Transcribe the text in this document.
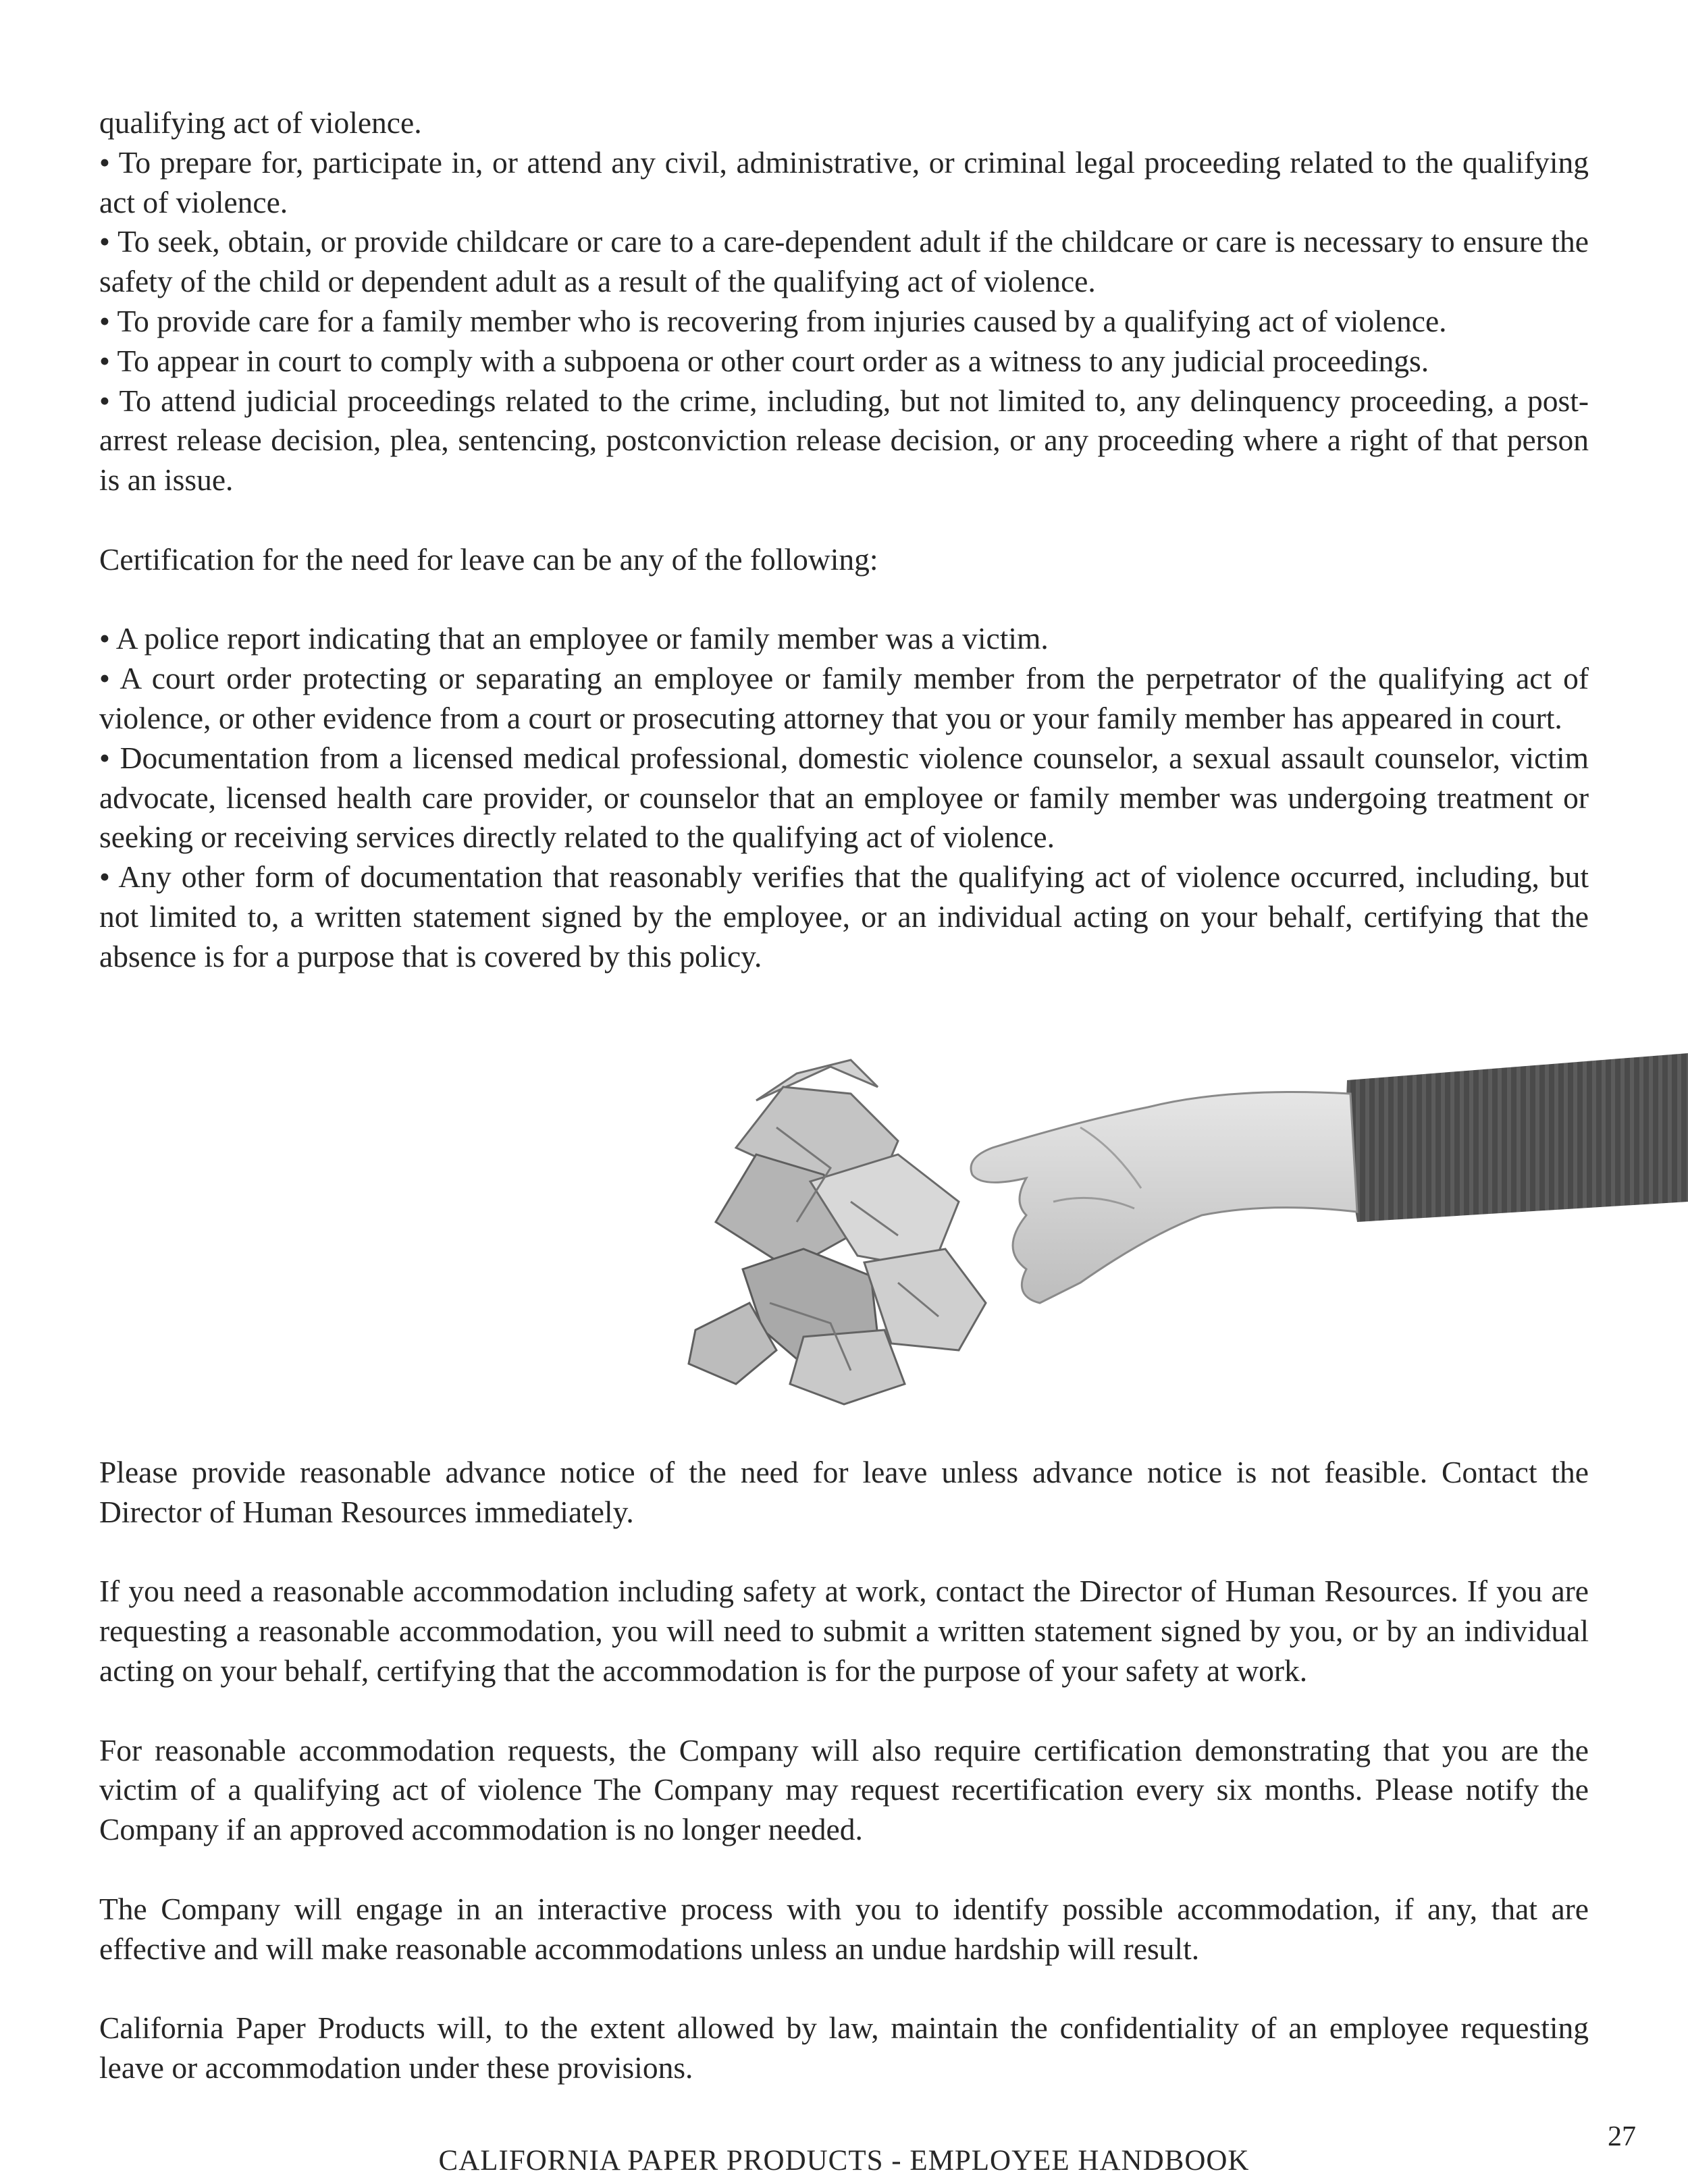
qualifying act of violence.

• To prepare for, participate in, or attend any civil, administrative, or criminal legal proceeding related to the qualifying act of violence.

• To seek, obtain, or provide childcare or care to a care-dependent adult if the childcare or care is necessary to ensure the safety of the child or dependent adult as a result of the qualifying act of violence.

• To provide care for a family member who is recovering from injuries caused by a qualifying act of violence.

• To appear in court to comply with a subpoena or other court order as a witness to any judicial proceedings.

• To attend judicial proceedings related to the crime, including, but not limited to, any delinquency proceeding, a post-arrest release decision, plea, sentencing, postconviction release decision, or any proceeding where a right of that person is an issue.

Certification for the need for leave can be any of the following:

• A police report indicating that an employee or family member was a victim.

• A court order protecting or separating an employee or family member from the perpetrator of the qualifying act of violence, or other evidence from a court or prosecuting attorney that you or your family member has appeared in court.

• Documentation from a licensed medical professional, domestic violence counselor, a sexual assault counselor, victim advocate, licensed health care provider, or counselor that an employee or family member was undergoing treatment or seeking or receiving services directly related to the qualifying act of violence.

• Any other form of documentation that reasonably verifies that the qualifying act of violence occurred, including, but not limited to, a written statement signed by the employee, or an individual acting on your behalf, certifying that the absence is for a purpose that is covered by this policy.

Please provide reasonable advance notice of the need for leave unless advance notice is not feasible. Contact the Director of Human Resources immediately.

If you need a reasonable accommodation including safety at work, contact the Director of Human Resources. If you are requesting a reasonable accommodation, you will need to submit a written statement signed by you, or by an individual acting on your behalf, certifying that the accommodation is for the purpose of your safety at work.

For reasonable accommodation requests, the Company will also require certification demonstrating that you are the victim of a qualifying act of violence The Company may request recertification every six months. Please notify the Company if an approved accommodation is no longer needed.

The Company will engage in an interactive process with you to identify possible accommodation, if any, that are effective and will make reasonable accommodations unless an undue hardship will result.

California Paper Products will, to the extent allowed by law, maintain the confidentiality of an employee requesting leave or accommodation under these provisions.

27
CALIFORNIA PAPER PRODUCTS - EMPLOYEE HANDBOOK
